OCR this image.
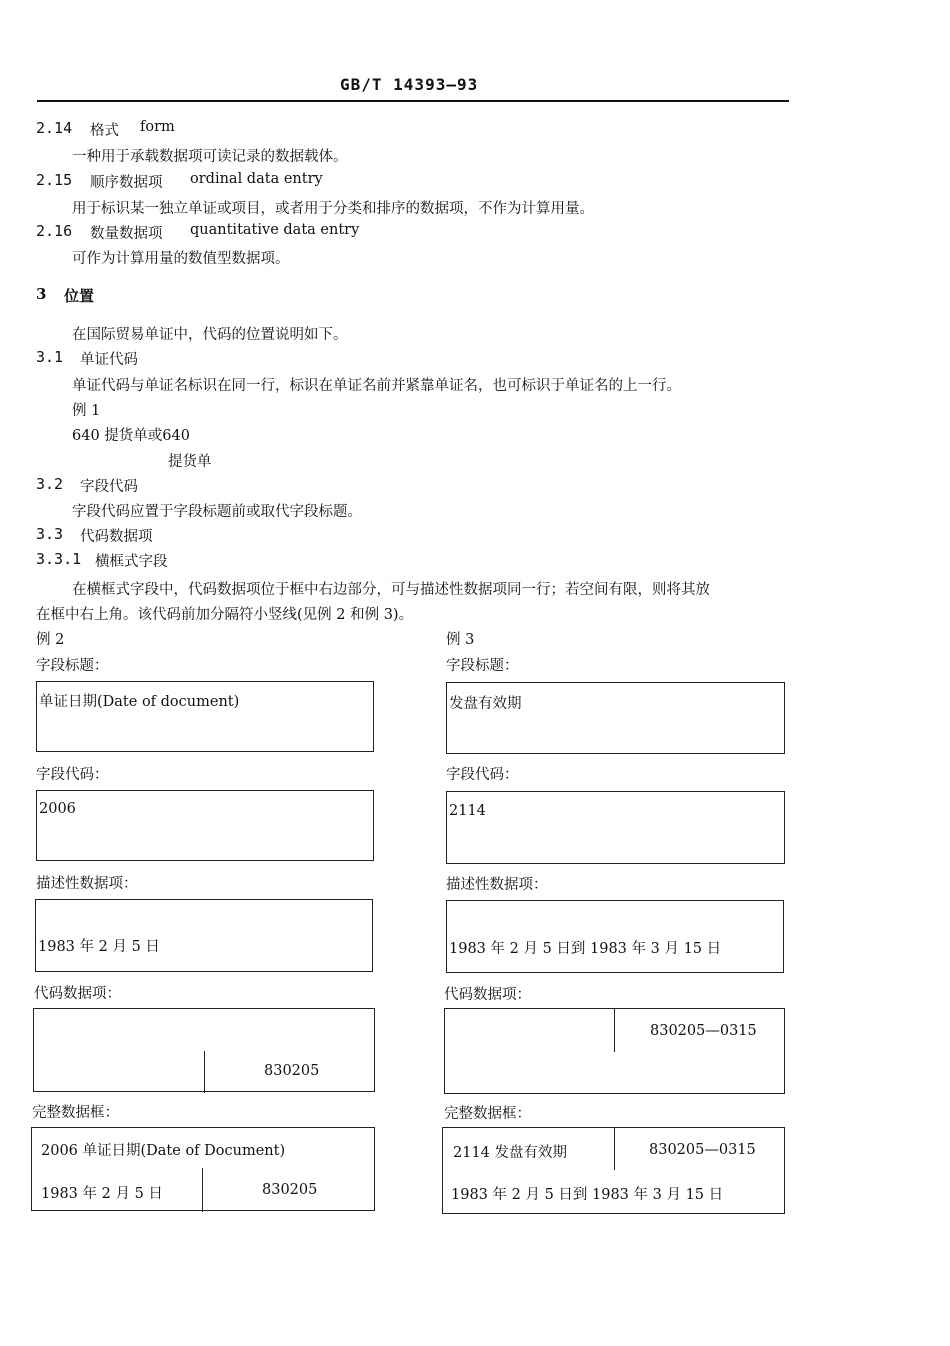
GB/T 14393—93
2.14 格式 form
一种用于承载数据项可读记录的数据载体。
2.15 顺序数据项 ordinal data entry
用于标识某一独立单证或项目，或者用于分类和排序的数据项，不作为计算用量。
2.16 数量数据项 quantitative data entry
可作为计算用量的数值型数据项。
3 位置
在国际贸易单证中，代码的位置说明如下。
3.1 单证代码
单证代码与单证名标识在同一行，标识在单证名前并紧靠单证名，也可标识于单证名的上一行。
例 1
640 提货单或640
提货单
3.2 字段代码
字段代码应置于字段标题前或取代字段标题。
3.3 代码数据项
3.3.1 横框式字段
在横框式字段中，代码数据项位于框中右边部分，可与描述性数据项同一行；若空间有限，则将其放
在框中右上角。该代码前加分隔符小竖线(见例 2 和例 3)。
例 2
字段标题：
单证日期(Date of document)
字段代码：
2006
描述性数据项：
1983 年 2 月 5 日
代码数据项：
830205
完整数据框：
2006 单证日期(Date of Document)
1983 年 2 月 5 日	830205
例 3
字段标题：
发盘有效期
字段代码：
2114
描述性数据项：
1983 年 2 月 5 日到 1983 年 3 月 15 日
代码数据项：
830205—0315
完整数据框：
2114 发盘有效期	830205—0315
1983 年 2 月 5 日到 1983 年 3 月 15 日
